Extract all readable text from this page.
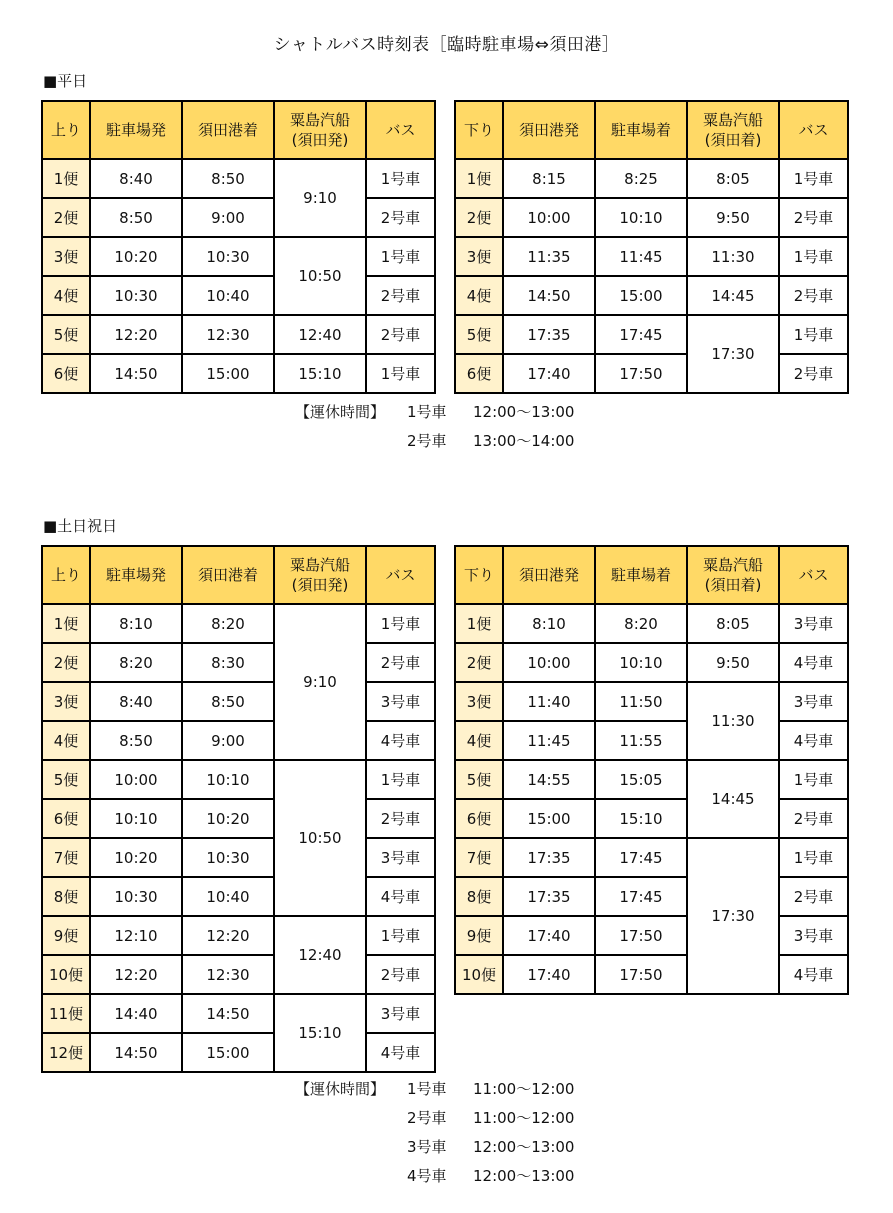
シャトルバス時刻表［臨時駐車場⇔須田港］
■平日
上り	駐車場発	須田港着	粟島汽船
(須田発)	バス
1便	8:40	8:50	9:10	1号車
2便	8:50	9:00		2号車
3便	10:20	10:30	10:50	1号車
4便	10:30	10:40		2号車
5便	12:20	12:30	12:40	2号車
6便	14:50	15:00	15:10	1号車
下り	須田港発	駐車場着	粟島汽船
(須田着)	バス
1便	8:15	8:25	8:05	1号車
2便	10:00	10:10	9:50	2号車
3便	11:35	11:45	11:30	1号車
4便	14:50	15:00	14:45	2号車
5便	17:35	17:45	17:30	1号車
6便	17:40	17:50		2号車
【運休時間】 1号車 12:00～13:00
2号車 13:00～14:00
■土日祝日
上り	駐車場発	須田港着	粟島汽船
(須田発)	バス
1便	8:10	8:20	9:10	1号車
2便	8:20	8:30		2号車
3便	8:40	8:50		3号車
4便	8:50	9:00		4号車
5便	10:00	10:10	10:50	1号車
6便	10:10	10:20		2号車
7便	10:20	10:30		3号車
8便	10:30	10:40		4号車
9便	12:10	12:20	12:40	1号車
10便	12:20	12:30		2号車
11便	14:40	14:50	15:10	3号車
12便	14:50	15:00		4号車
下り	須田港発	駐車場着	粟島汽船
(須田着)	バス
1便	8:10	8:20	8:05	3号車
2便	10:00	10:10	9:50	4号車
3便	11:40	11:50	11:30	3号車
4便	11:45	11:55		4号車
5便	14:55	15:05	14:45	1号車
6便	15:00	15:10		2号車
7便	17:35	17:45	17:30	1号車
8便	17:35	17:45		2号車
9便	17:40	17:50		3号車
10便	17:40	17:50		4号車
【運休時間】 1号車 11:00～12:00
2号車 11:00～12:00
3号車 12:00～13:00
4号車 12:00～13:00
